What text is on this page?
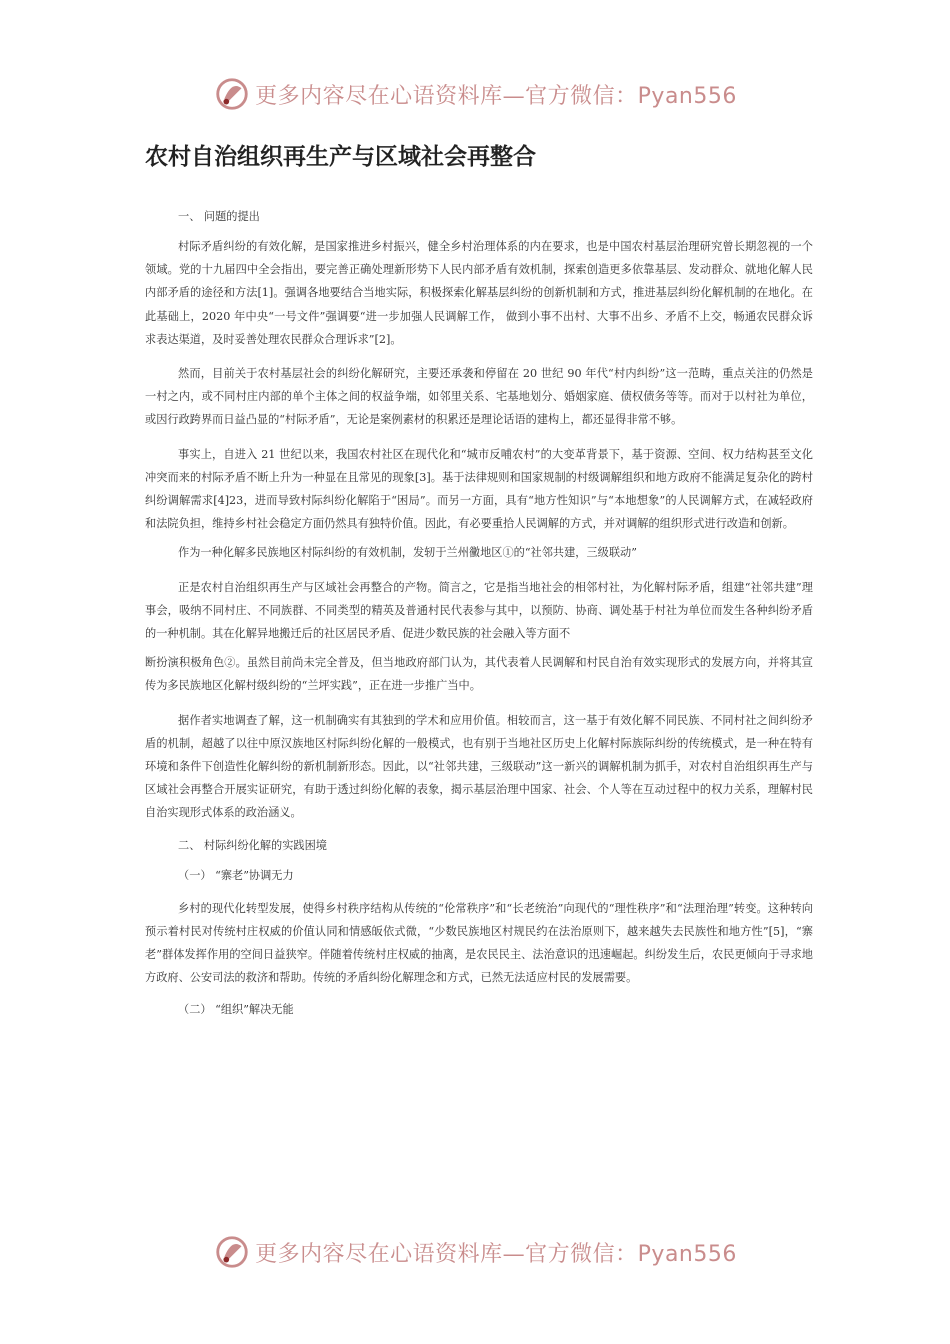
更多内容尽在心语资料库—官方微信：Pyan556
农村自治组织再生产与区域社会再整合

一、 问题的提出

村际矛盾纠纷的有效化解，是国家推进乡村振兴，健全乡村治理体系的内在要求，也是中国农村基层治理研究曾长期忽视的一个领域。党的十九届四中全会指出，要完善正确处理新形势下人民内部矛盾有效机制，探索创造更多依靠基层、发动群众、就地化解人民内部矛盾的途径和方法[1]。强调各地要结合当地实际，积极探索化解基层纠纷的创新机制和方式，推进基层纠纷化解机制的在地化。在此基础上，2020 年中央“一号文件”强调要“进一步加强人民调解工作， 做到小事不出村、大事不出乡、矛盾不上交，畅通农民群众诉求表达渠道，及时妥善处理农民群众合理诉求”[2]。

然而，目前关于农村基层社会的纠纷化解研究，主要还承袭和停留在 20 世纪 90 年代“村内纠纷”这一范畴，重点关注的仍然是一村之内，或不同村庄内部的单个主体之间的权益争端，如邻里关系、宅基地划分、婚姻家庭、债权债务等等。而对于以村社为单位，或因行政跨界而日益凸显的“村际矛盾”，无论是案例素材的积累还是理论话语的建构上，都还显得非常不够。

事实上，自进入 21 世纪以来，我国农村社区在现代化和“城市反哺农村”的大变革背景下，基于资源、空间、权力结构甚至文化冲突而来的村际矛盾不断上升为一种显在且常见的现象[3]。基于法律规则和国家规制的村级调解组织和地方政府不能满足复杂化的跨村纠纷调解需求[4]23，进而导致村际纠纷化解陷于“困局”。而另一方面，具有“地方性知识”与“本地想象”的人民调解方式，在减轻政府和法院负担，维持乡村社会稳定方面仍然具有独特价值。因此，有必要重拾人民调解的方式，并对调解的组织形式进行改造和创新。

作为一种化解多民族地区村际纠纷的有效机制，发轫于兰州黴地区①的“社邻共建，三级联动”

正是农村自治组织再生产与区域社会再整合的产物。简言之，它是指当地社会的相邻村社，为化解村际矛盾，组建“社邻共建”理事会，吸纳不同村庄、不同族群、不同类型的精英及普通村民代表参与其中，以预防、协商、调处基于村社为单位而发生各种纠纷矛盾的一种机制。其在化解异地搬迁后的社区居民矛盾、促进少数民族的社会融入等方面不

断扮演积极角色②。虽然目前尚未完全普及，但当地政府部门认为，其代表着人民调解和村民自治有效实现形式的发展方向，并将其宣传为多民族地区化解村级纠纷的“兰坪实践”，正在进一步推广当中。

据作者实地调查了解，这一机制确实有其独到的学术和应用价值。相较而言，这一基于有效化解不同民族、不同村社之间纠纷矛盾的机制，超越了以往中原汉族地区村际纠纷化解的一般模式，也有别于当地社区历史上化解村际族际纠纷的传统模式，是一种在特有环境和条件下创造性化解纠纷的新机制新形态。因此，以“社邻共建，三级联动”这一新兴的调解机制为抓手，对农村自治组织再生产与区域社会再整合开展实证研究，有助于透过纠纷化解的表象，揭示基层治理中国家、社会、个人等在互动过程中的权力关系，理解村民自治实现形式体系的政治涵义。

二、 村际纠纷化解的实践困境

（一） “寨老”协调无力

乡村的现代化转型发展，使得乡村秩序结构从传统的“伦常秩序”和“长老统治”向现代的“理性秩序”和“法理治理”转变。这种转向预示着村民对传统村庄权威的价值认同和情感皈依式微，“少数民族地区村规民约在法治原则下，越来越失去民族性和地方性”[5]，“寨老”群体发挥作用的空间日益狭窄。伴随着传统村庄权威的抽离，是农民民主、法治意识的迅速崛起。纠纷发生后，农民更倾向于寻求地方政府、公安司法的救济和帮助。传统的矛盾纠纷化解理念和方式，已然无法适应村民的发展需要。

（二） “组织”解决无能

更多内容尽在心语资料库—官方微信：Pyan556
